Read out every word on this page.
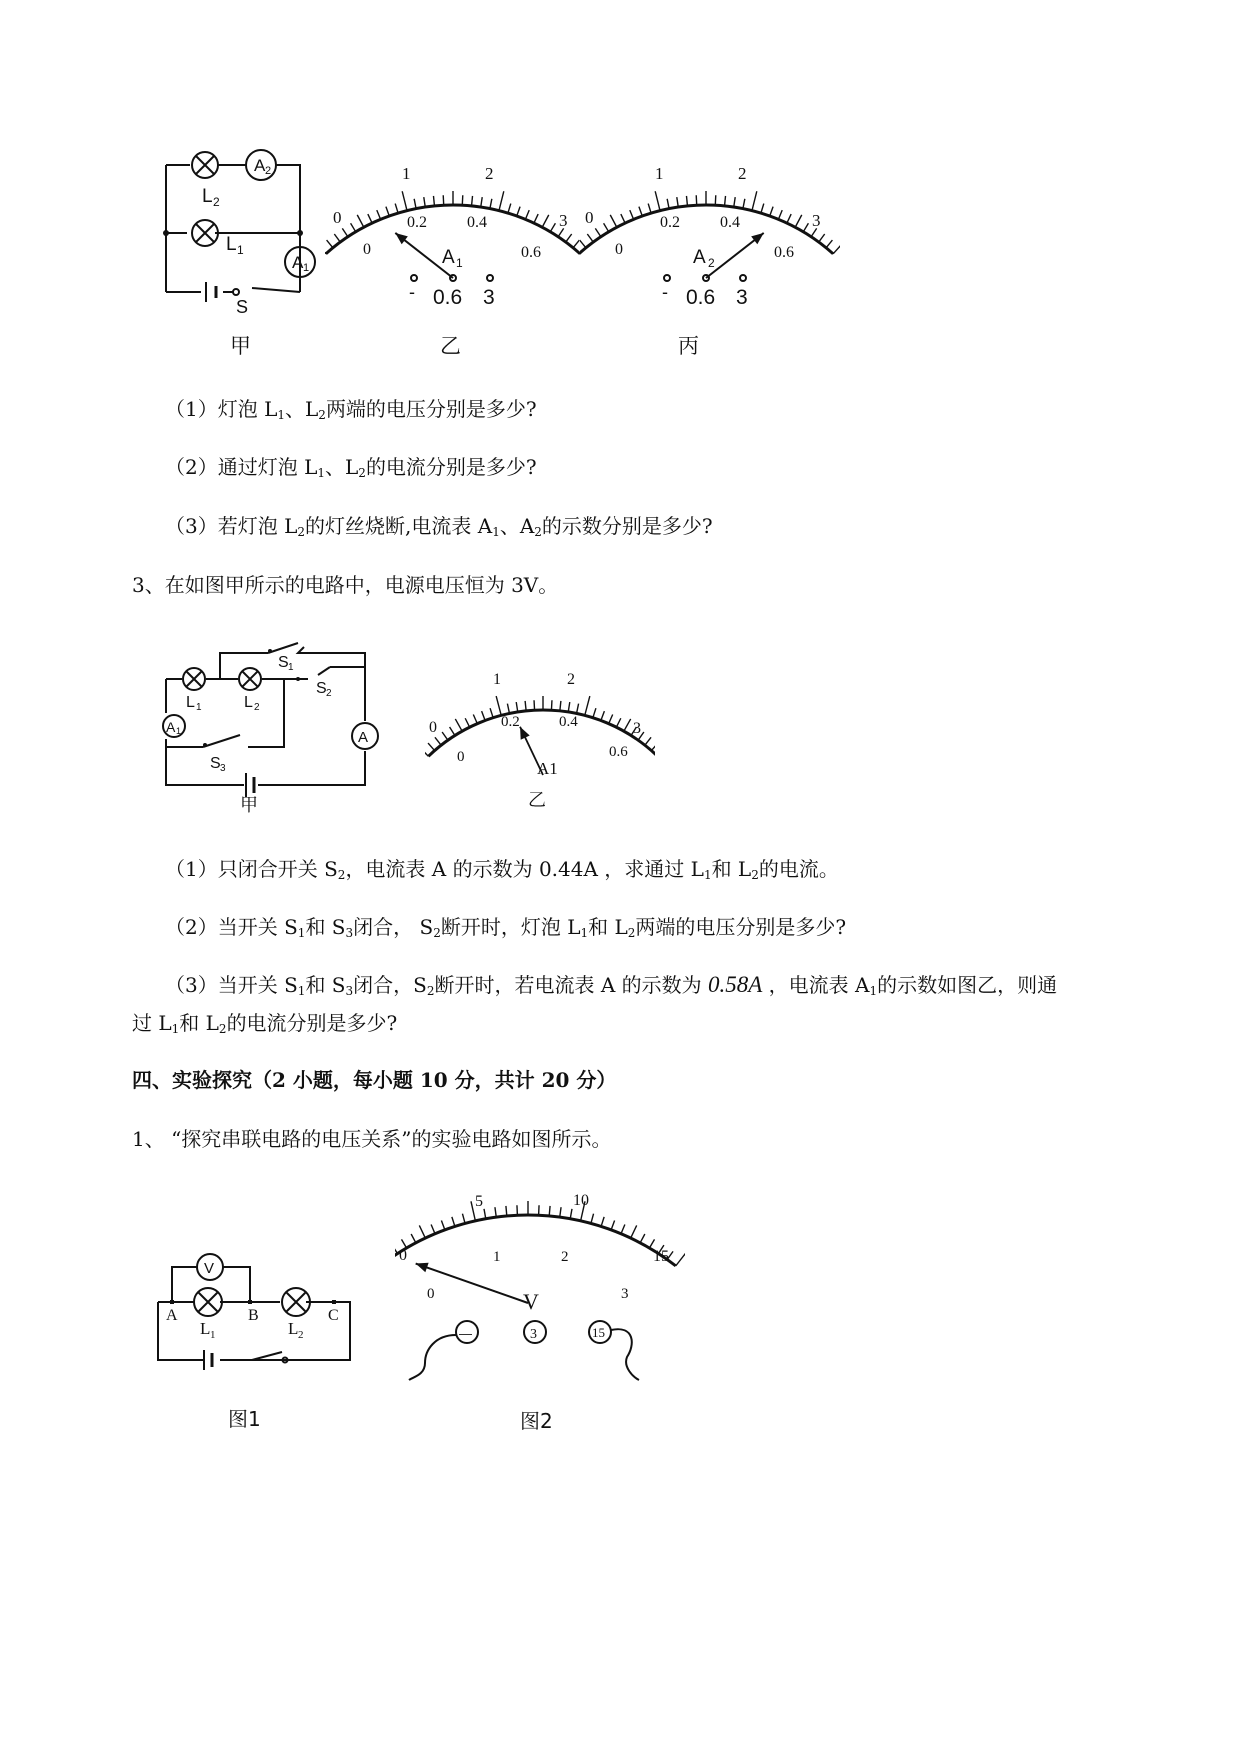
A 2
L 2
L 1
A 1
S
甲
0
1	2
3
0
0.2	0.4
0.6
A 1
- 0.6 3
乙
0
1	2
3
0
0.2	0.4
0.6
A 2
- 0.6 3
丙
（1）灯泡 $L_1$、$L_2$两端的电压分别是多少?
（2）通过灯泡 $L_1$、$L_2$的电流分别是多少?
（3）若灯泡 $L_2$的灯丝烧断,电流表 $A_1$、$A_2$的示数分别是多少?
3、在如图甲所示的电路中，电源电压恒为 3V。
L 1	L 2
S 1
S 2
S 3
A 1	A
甲
0
1	2
3
0
0.2	0.4
0.6
A1
乙
（1）只闭合开关 $S_2$，电流表 A 的示数为 0.44A ，求通过 $L_1$和 $L_2$的电流。
（2）当开关 $S_1$和 $S_3$闭合， $S_2$断开时，灯泡 $L_1$和 $L_2$两端的电压分别是多少?
（3）当开关 $S_1$和 $S_3$闭合，$S_2$断开时，若电流表 A 的示数为 0.58A ，电流表 $A_1$的示数如图乙，则通
过 $L_1$和 $L_2$的电流分别是多少?
四、实验探究（2 小题，每小题 10 分，共计 20 分）
1、 “探究串联电路的电压关系”的实验电路如图所示。
V
A	B	C
L 1	L 2
图1
0
5	10
15
0
1	2
3
V
—	3	15
图2
